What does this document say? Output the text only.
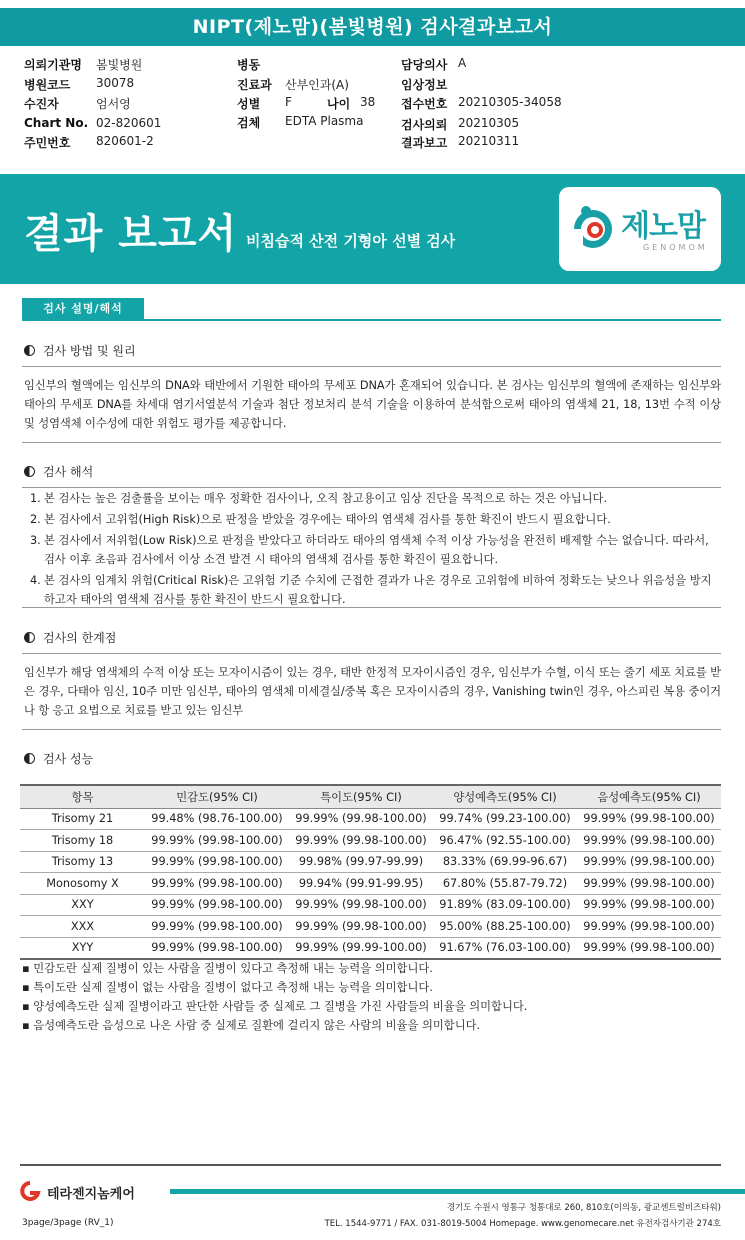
NIPT(제노맘)(봄빛병원) 검사결과보고서
의뢰기관명 봄빛병원
병원코드 30078
수진자	엄서영
Chart No. 02-820601
주민번호 820601-2
병동
진료과 산부인과(A)
성별 F	나이 38
검체 EDTA Plasma
담당의사 A
임상정보
접수번호 20210305-34058
검사의뢰 20210305
결과보고 20210311
결과 보고서 비침습적 산전 기형아 선별 검사	제노맘
GENOMOM
검사 설명/해석
검사 방법 및 원리
임신부의 혈액에는 임신부의 DNA와 태반에서 기원한 태아의 무세포 DNA가 혼재되어 있습니다. 본 검사는 임신부의 혈액에 존재하는 임신부와 태아의 무세포 DNA를 차세대 염기서열분석 기술과 첨단 정보처리 분석 기술을 이용하여 분석함으로써 태아의 염색체 21, 18, 13번 수적 이상 및 성염색체 이수성에 대한 위험도 평가를 제공합니다.
검사 해석
1. 본 검사는 높은 검출률을 보이는 매우 정확한 검사이나, 오직 참고용이고 임상 진단을 목적으로 하는 것은 아닙니다.
2. 본 검사에서 고위험(High Risk)으로 판정을 받았을 경우에는 태아의 염색체 검사를 통한 확진이 반드시 필요합니다.
3. 본 검사에서 저위험(Low Risk)으로 판정을 받았다고 하더라도 태아의 염색체 수적 이상 가능성을 완전히 배제할 수는 없습니다. 따라서, 검사 이후 초음파 검사에서 이상 소견 발견 시 태아의 염색체 검사를 통한 확진이 필요합니다.
4. 본 검사의 임계치 위험(Critical Risk)은 고위험 기준 수치에 근접한 결과가 나온 경우로 고위험에 비하여 정확도는 낮으나 위음성을 방지하고자 태아의 염색체 검사를 통한 확진이 반드시 필요합니다.
검사의 한계점
임신부가 해당 염색체의 수적 이상 또는 모자이시즘이 있는 경우, 태반 한정적 모자이시즘인 경우, 임신부가 수혈, 이식 또는 줄기 세포 치료를 받은 경우, 다태아 임신, 10주 미만 임신부, 태아의 염색체 미세결실/중복 혹은 모자이시즘의 경우, Vanishing twin인 경우, 아스피린 복용 중이거나 항 응고 요법으로 치료를 받고 있는 임신부
검사 성능
항목	민감도(95% CI)	특이도(95% CI)	양성예측도(95% CI)	음성예측도(95% CI)
Trisomy 21	99.48% (98.76-100.00)	99.99% (99.98-100.00)	99.74% (99.23-100.00)	99.99% (99.98-100.00)
Trisomy 18	99.99% (99.98-100.00)	99.99% (99.98-100.00)	96.47% (92.55-100.00)	99.99% (99.98-100.00)
Trisomy 13	99.99% (99.98-100.00)	99.98% (99.97-99.99)	83.33% (69.99-96.67)	99.99% (99.98-100.00)
Monosomy X	99.99% (99.98-100.00)	99.94% (99.91-99.95)	67.80% (55.87-79.72)	99.99% (99.98-100.00)
XXY	99.99% (99.98-100.00)	99.99% (99.98-100.00)	91.89% (83.09-100.00)	99.99% (99.98-100.00)
XXX	99.99% (99.98-100.00)	99.99% (99.98-100.00)	95.00% (88.25-100.00)	99.99% (99.98-100.00)
XYY	99.99% (99.98-100.00)	99.99% (99.99-100.00)	91.67% (76.03-100.00)	99.99% (99.98-100.00)
▪ 민감도란 실제 질병이 있는 사람을 질병이 있다고 측정해 내는 능력을 의미합니다.
▪ 특이도란 실제 질병이 없는 사람을 질병이 없다고 측정해 내는 능력을 의미합니다.
▪ 양성예측도란 실제 질병이라고 판단한 사람들 중 실제로 그 질병을 가진 사람들의 비율을 의미합니다.
▪ 음성예측도란 음성으로 나온 사람 중 실제로 질환에 걸리지 않은 사람의 비율을 의미합니다.
테라젠지놈케어
경기도 수원시 영통구 청통대로 260, 810호(이의동, 광교센트럴비즈타워)
TEL. 1544-9771 / FAX. 031-8019-5004 Homepage. www.genomecare.net 유전자검사기관 274호
3page/3page (RV_1)
